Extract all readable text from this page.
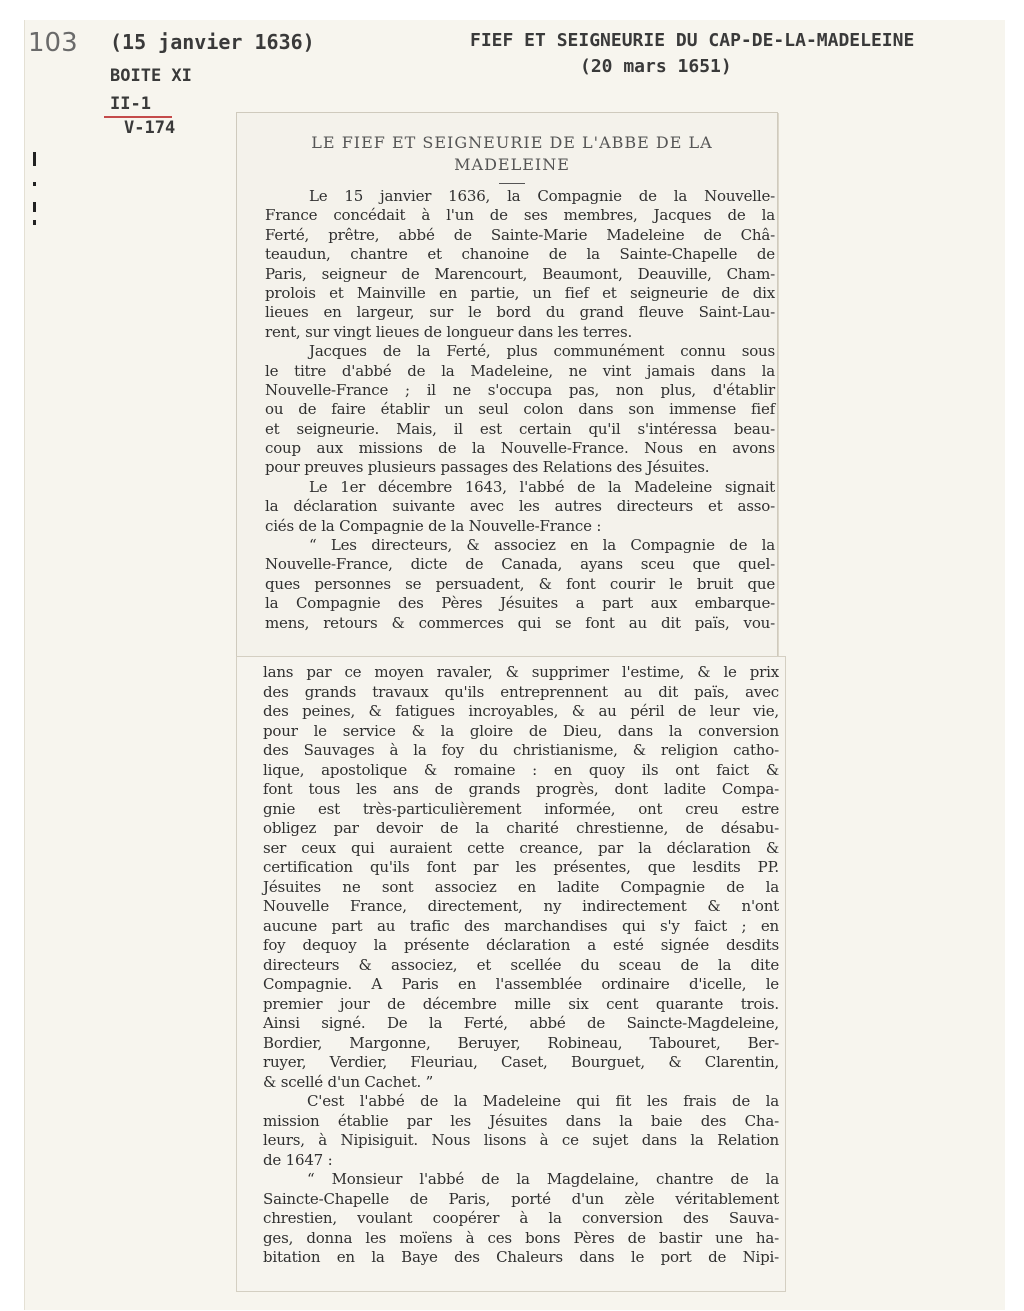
103 (15 janvier 1636)
BOITE XI
II-1
V-174
FIEF ET SEIGNEURIE DU CAP-DE-LA-MADELEINE
(20 mars 1651)
LE FIEF ET SEIGNEURIE DE L'ABBE DE LA
MADELEINE
Le 15 janvier 1636, la Compagnie de la Nouvelle-
France concédait à l'un de ses membres, Jacques de la
Ferté, prêtre, abbé de Sainte-Marie Madeleine de Châ-
teaudun, chantre et chanoine de la Sainte-Chapelle de
Paris, seigneur de Marencourt, Beaumont, Deauville, Cham-
prolois et Mainville en partie, un fief et seigneurie de dix
lieues en largeur, sur le bord du grand fleuve Saint-Lau-
rent, sur vingt lieues de longueur dans les terres.
Jacques de la Ferté, plus communément connu sous
le titre d'abbé de la Madeleine, ne vint jamais dans la
Nouvelle-France ; il ne s'occupa pas, non plus, d'établir
ou de faire établir un seul colon dans son immense fief
et seigneurie. Mais, il est certain qu'il s'intéressa beau-
coup aux missions de la Nouvelle-France. Nous en avons
pour preuves plusieurs passages des Relations des Jésuites.
Le 1er décembre 1643, l'abbé de la Madeleine signait
la déclaration suivante avec les autres directeurs et asso-
ciés de la Compagnie de la Nouvelle-France :
“ Les directeurs, & associez en la Compagnie de la
Nouvelle-France, dicte de Canada, ayans sceu que quel-
ques personnes se persuadent, & font courir le bruit que
la Compagnie des Pères Jésuites a part aux embarque-
mens, retours & commerces qui se font au dit païs, vou-
lans par ce moyen ravaler, & supprimer l'estime, & le prix
des grands travaux qu'ils entreprennent au dit païs, avec
des peines, & fatigues incroyables, & au péril de leur vie,
pour le service & la gloire de Dieu, dans la conversion
des Sauvages à la foy du christianisme, & religion catho-
lique, apostolique & romaine : en quoy ils ont faict &
font tous les ans de grands progrès, dont ladite Compa-
gnie est très-particulièrement informée, ont creu estre
obligez par devoir de la charité chrestienne, de désabu-
ser ceux qui auraient cette creance, par la déclaration &
certification qu'ils font par les présentes, que lesdits PP.
Jésuites ne sont associez en ladite Compagnie de la
Nouvelle France, directement, ny indirectement & n'ont
aucune part au trafic des marchandises qui s'y faict ; en
foy dequoy la présente déclaration a esté signée desdits
directeurs & associez, et scellée du sceau de la dite
Compagnie. A Paris en l'assemblée ordinaire d'icelle, le
premier jour de décembre mille six cent quarante trois.
Ainsi signé. De la Ferté, abbé de Saincte-Magdeleine,
Bordier, Margonne, Beruyer, Robineau, Tabouret, Ber-
ruyer, Verdier, Fleuriau, Caset, Bourguet, & Clarentin,
& scellé d'un Cachet. ”
C'est l'abbé de la Madeleine qui fit les frais de la
mission établie par les Jésuites dans la baie des Cha-
leurs, à Nipisiguit. Nous lisons à ce sujet dans la Relation
de 1647 :
“ Monsieur l'abbé de la Magdelaine, chantre de la
Saincte-Chapelle de Paris, porté d'un zèle véritablement
chrestien, voulant coopérer à la conversion des Sauva-
ges, donna les moïens à ces bons Pères de bastir une ha-
bitation en la Baye des Chaleurs dans le port de Nipi-
